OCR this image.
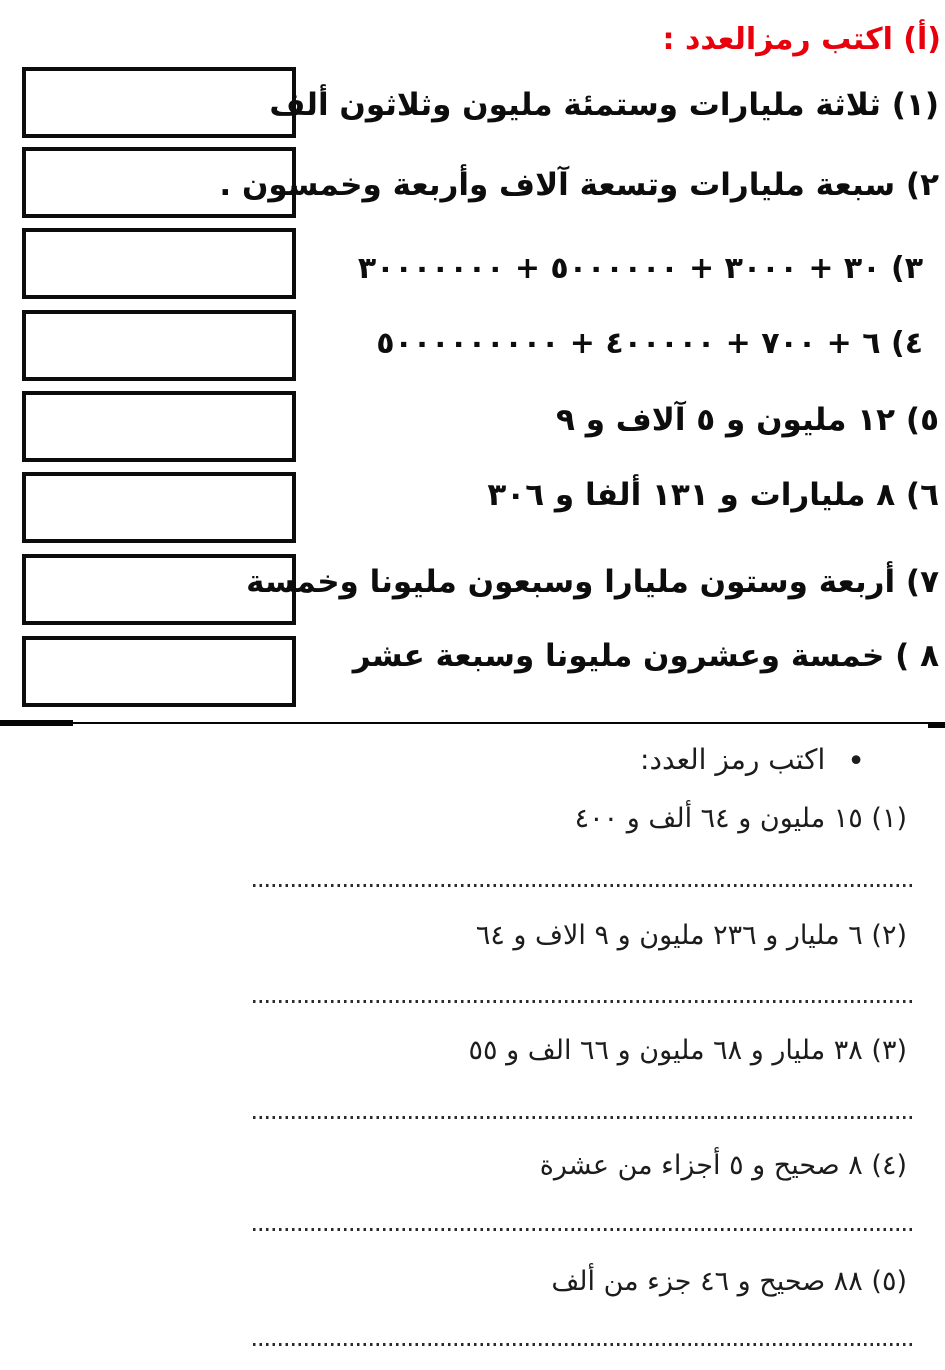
(أ) اكتب رمزالعدد :
(١) ثلاثة مليارات وستمئة مليون وثلاثون ألف
٢) سبعة مليارات وتسعة آلاف وأربعة وخمسون .
٣) ٣٠ + ٣٠٠٠ + ٥٠٠٠٠٠٠ + ٣٠٠٠٠٠٠٠
٤) ٦ + ٧٠٠ + ٤٠٠٠٠٠ + ٥٠٠٠٠٠٠٠٠٠
٥) ١٢ مليون و ٥ آلاف و ٩
٦) ٨ مليارات و ١٣١ ألفا و ٣٠٦
٧) أربعة وستون مليارا وسبعون مليونا وخمسة
٨ ) خمسة وعشرون مليونا وسبعة عشر
•اكتب رمز العدد:
(١) ١٥ مليون و ٦٤ ألف و ٤٠٠
(٢) ٦ مليار و ٢٣٦ مليون و ٩ الاف و ٦٤
(٣) ٣٨ مليار و ٦٨ مليون و ٦٦ الف و ٥٥
(٤) ٨ صحيح و ٥ أجزاء من عشرة
(٥) ٨٨ صحيح و ٤٦ جزء من ألف
